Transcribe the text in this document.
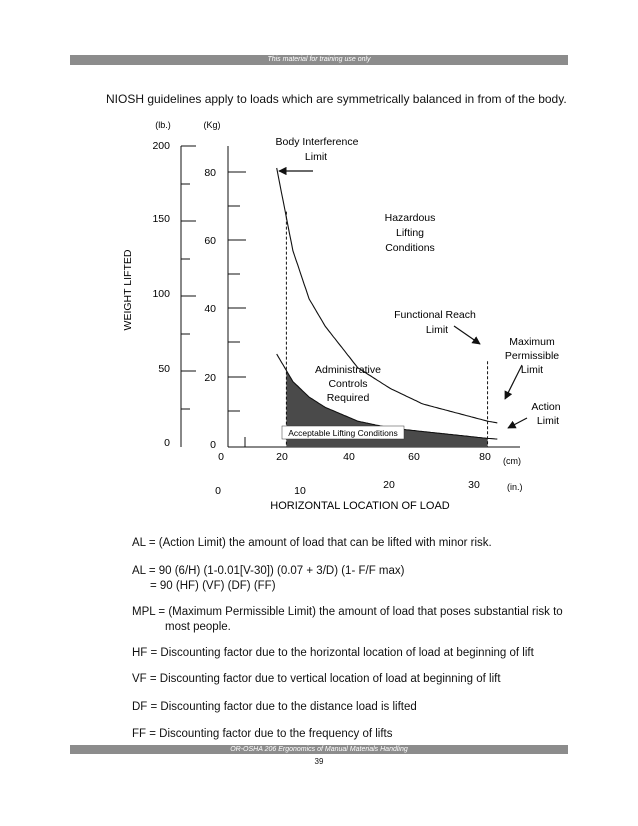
This material for training use only
NIOSH guidelines apply to loads which are symmetrically balanced in from of the body.
(lb.)	(Kg)
WEIGHT LIFTED
200
150
100
50
0
80
60
40
20
0
0	20	40	60	80 (cm)
0	10	20	30	(in.)
HORIZONTAL LOCATION OF LOAD
Body Interference
Limit
Hazardous
Lifting
Conditions
Functional Reach
Limit
Maximum
Permissible
Limit
Administrative
Controls
Required
Action
Limit
Acceptable Lifting Conditions

AL = (Action Limit) the amount of load that can be lifted with minor risk.

AL = 90 (6/H) (1-0.01[V-30]) (0.07 + 3/D) (1- F/F max)

= 90 (HF) (VF) (DF) (FF)

MPL = (Maximum Permissible Limit) the amount of load that poses substantial risk to

most people.

HF = Discounting factor due to the horizontal location of load at beginning of lift

VF = Discounting factor due to vertical location of load at beginning of lift

DF = Discounting factor due to the distance load is lifted

FF = Discounting factor due to the frequency of lifts

OR-OSHA 206 Ergonomics of Manual Materials Handling
39
